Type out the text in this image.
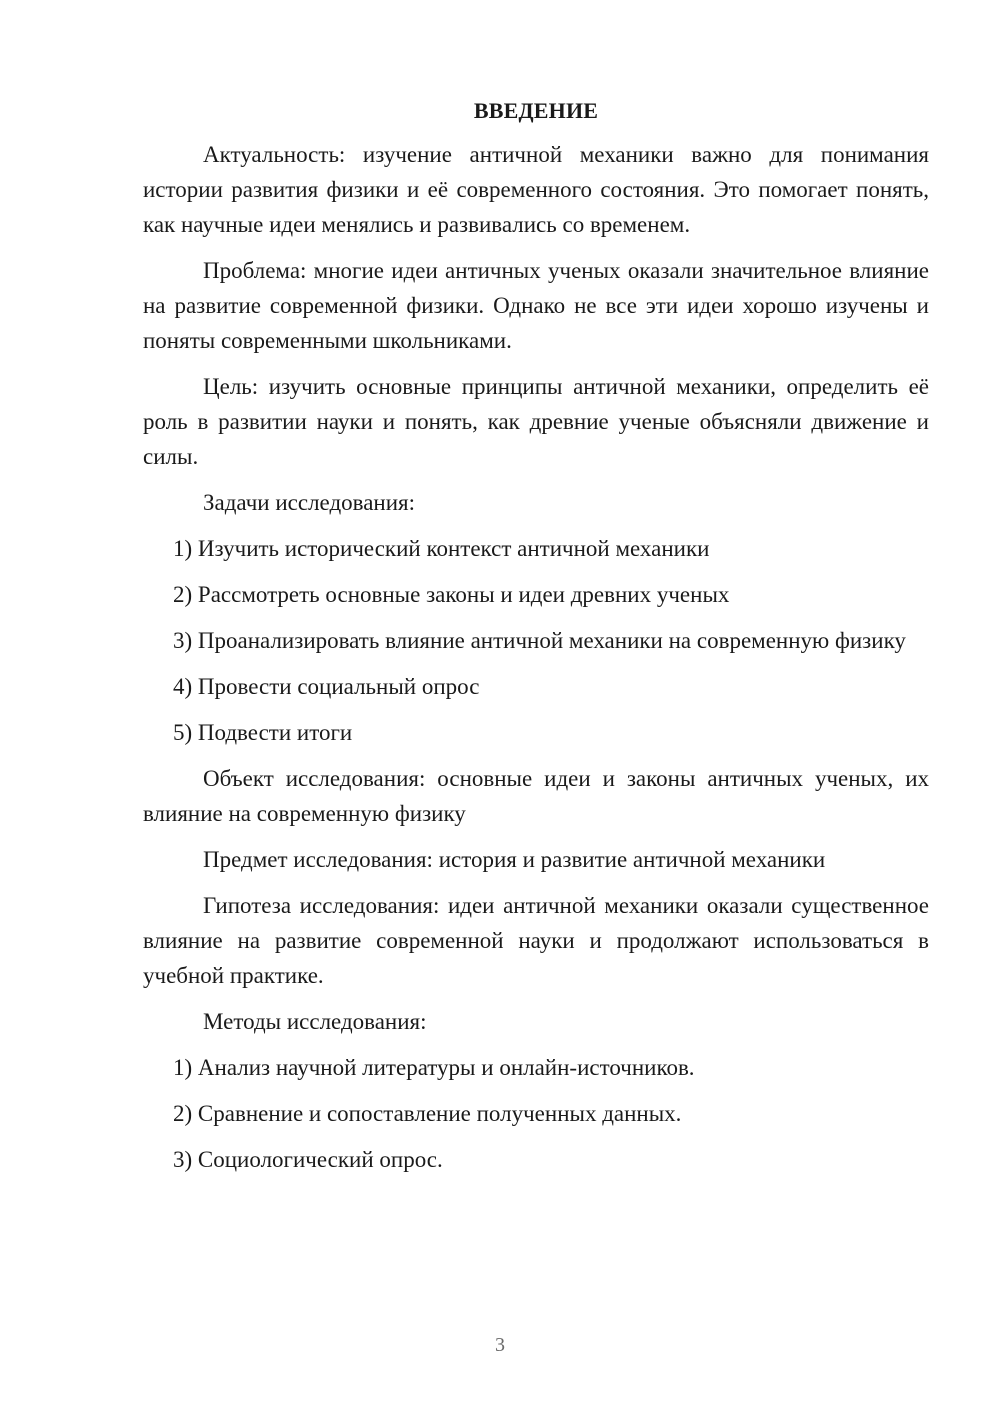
ВВЕДЕНИЕ

Актуальность: изучение античной механики важно для понимания истории развития физики и её современного состояния. Это помогает понять, как научные идеи менялись и развивались со временем.

Проблема: многие идеи античных ученых оказали значительное влияние на развитие современной физики. Однако не все эти идеи хорошо изучены и поняты современными школьниками.

Цель: изучить основные принципы античной механики, определить её роль в развитии науки и понять, как древние ученые объясняли движение и силы.

Задачи исследования:

1) Изучить исторический контекст античной механики

2) Рассмотреть основные законы и идеи древних ученых

3) Проанализировать влияние античной механики на современную физику

4) Провести социальный опрос

5) Подвести итоги

Объект исследования: основные идеи и законы античных ученых, их влияние на современную физику

Предмет исследования: история и развитие античной механики

Гипотеза исследования: идеи античной механики оказали существенное влияние на развитие современной науки и продолжают использоваться в учебной практике.

Методы исследования:

1) Анализ научной литературы и онлайн-источников.

2) Сравнение и сопоставление полученных данных.

3) Социологический опрос.

3
